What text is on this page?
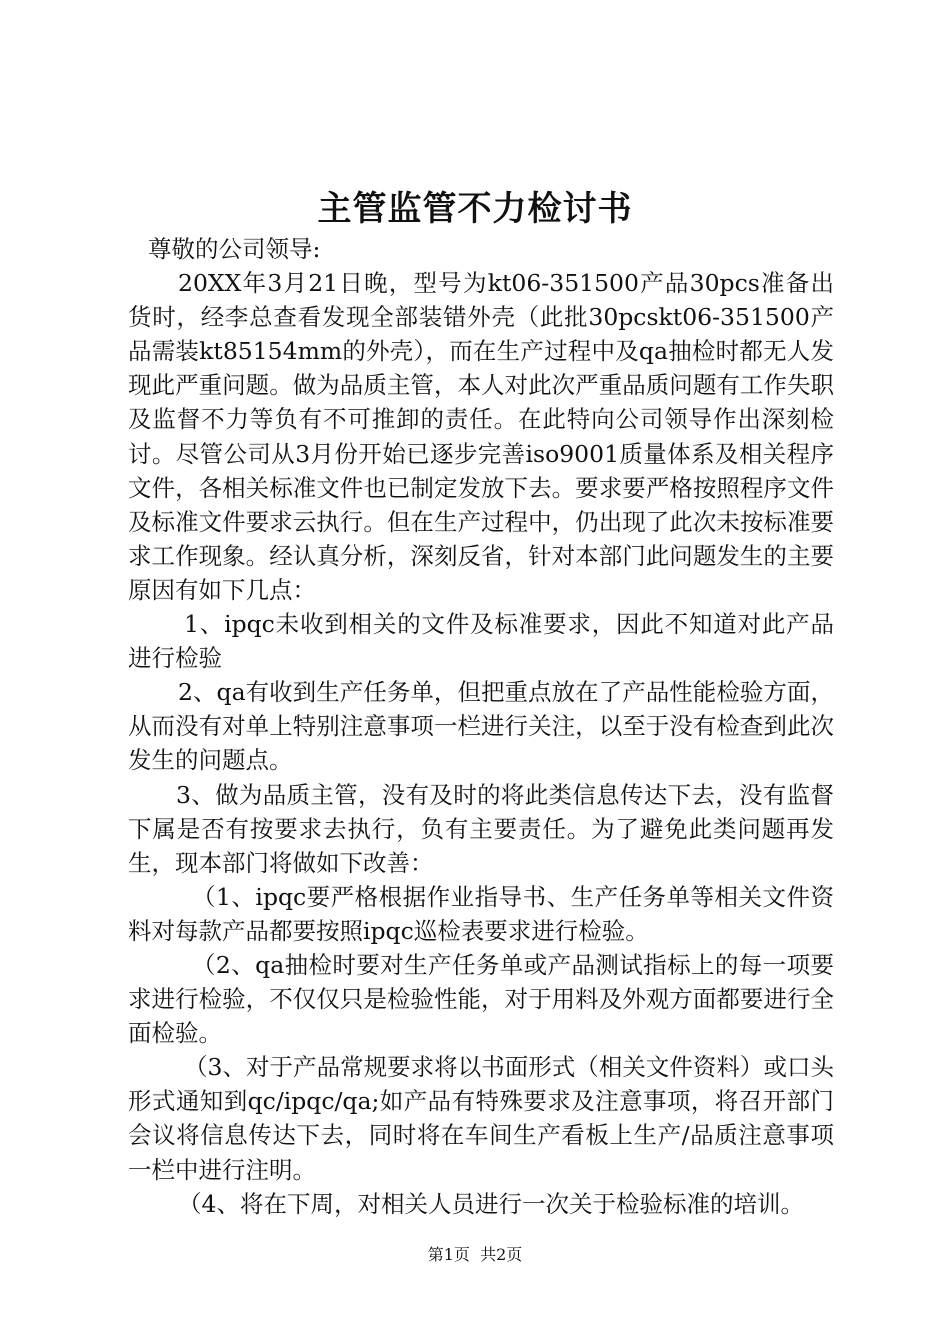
主管监管不力检讨书

尊敬的公司领导:

20XX年3月21日晚，型号为kt06-351500产品30pcs准备出货时，经李总查看发现全部装错外壳（此批30pcskt06-351500产品需装kt85154mm的外壳），而在生产过程中及qa抽检时都无人发现此严重问题。做为品质主管，本人对此次严重品质问题有工作失职及监督不力等负有不可推卸的责任。在此特向公司领导作出深刻检讨。尽管公司从3月份开始已逐步完善iso9001质量体系及相关程序文件，各相关标准文件也已制定发放下去。要求要严格按照程序文件及标准文件要求云执行。但在生产过程中，仍出现了此次未按标准要求工作现象。经认真分析，深刻反省，针对本部门此问题发生的主要原因有如下几点：

1、ipqc未收到相关的文件及标准要求，因此不知道对此产品进行检验

2、qa有收到生产任务单，但把重点放在了产品性能检验方面，从而没有对单上特别注意事项一栏进行关注，以至于没有检查到此次发生的问题点。

3、做为品质主管，没有及时的将此类信息传达下去，没有监督下属是否有按要求去执行，负有主要责任。为了避免此类问题再发生，现本部门将做如下改善：

（1、ipqc要严格根据作业指导书、生产任务单等相关文件资料对每款产品都要按照ipqc巡检表要求进行检验。

（2、qa抽检时要对生产任务单或产品测试指标上的每一项要求进行检验，不仅仅只是检验性能，对于用料及外观方面都要进行全面检验。

（3、对于产品常规要求将以书面形式（相关文件资料）或口头形式通知到qc/ipqc/qa;如产品有特殊要求及注意事项，将召开部门会议将信息传达下去，同时将在车间生产看板上生产/品质注意事项一栏中进行注明。

（4、将在下周，对相关人员进行一次关于检验标准的培训。

第1页  共2页
